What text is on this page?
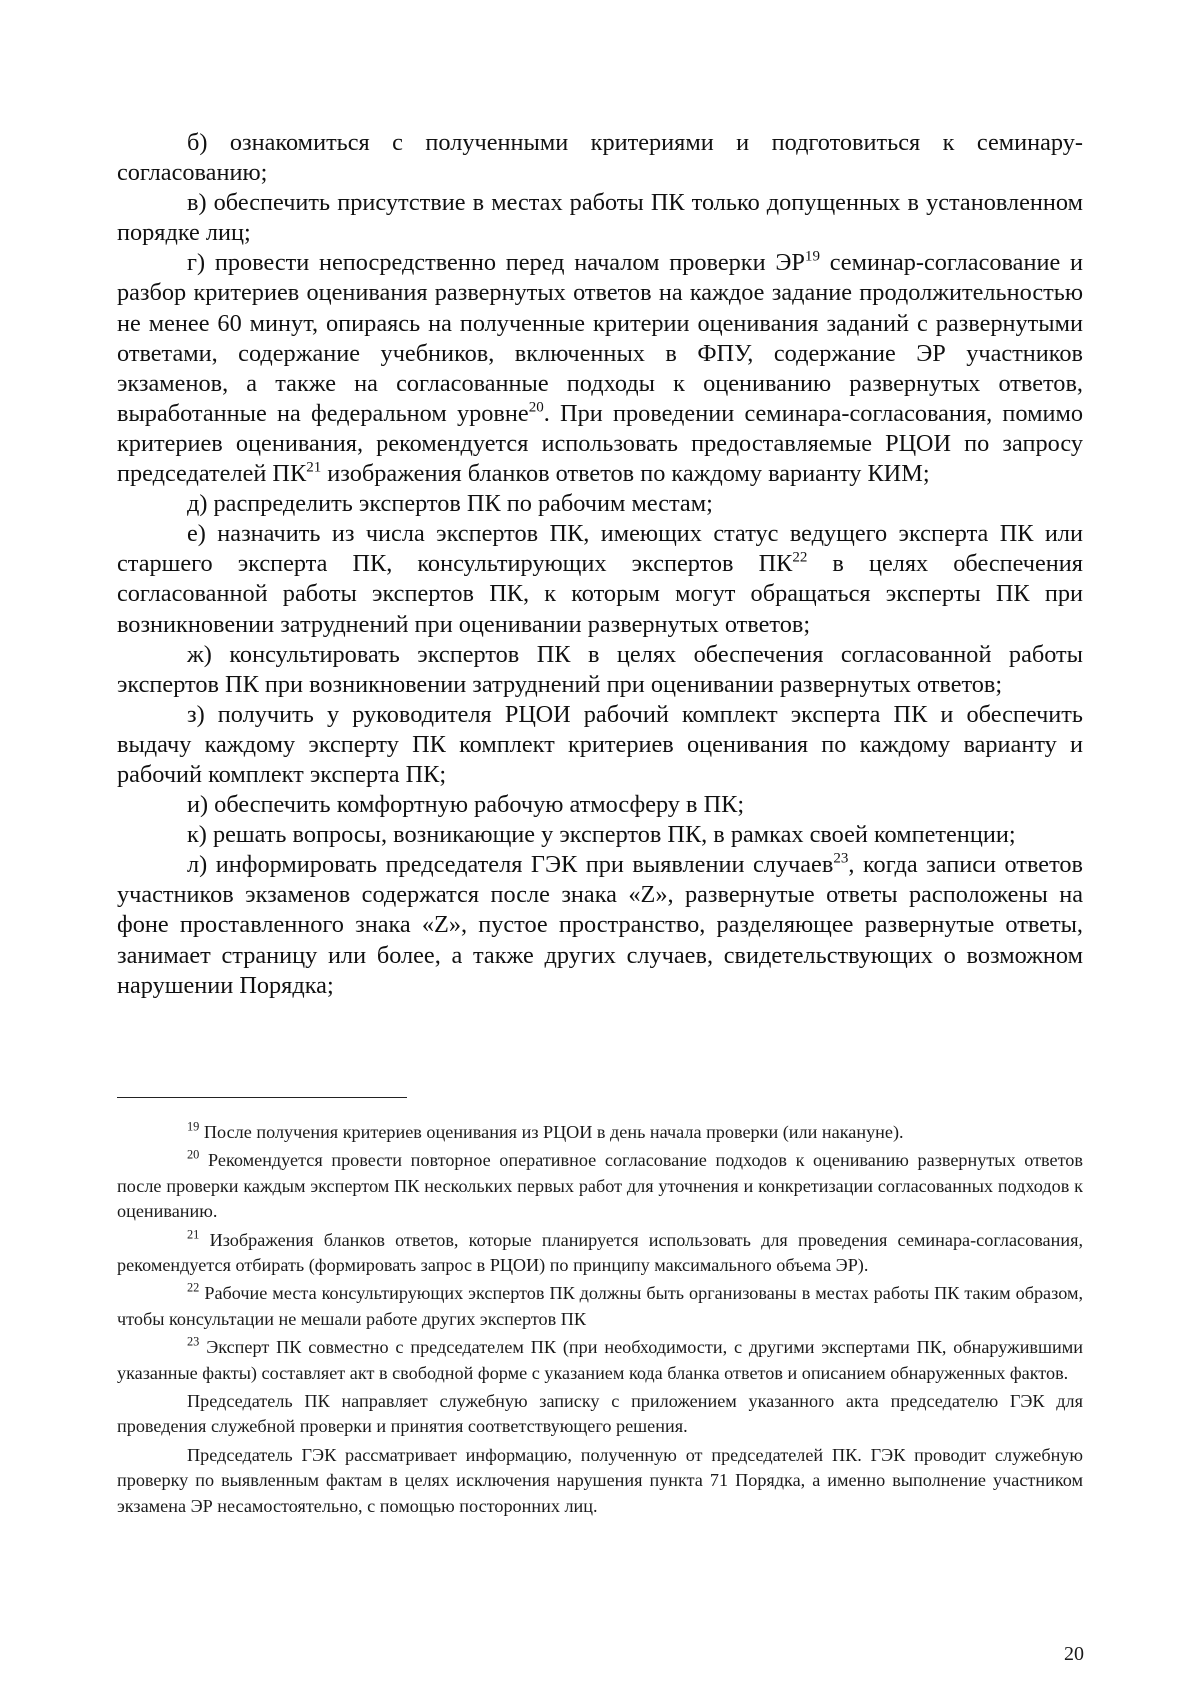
б) ознакомиться с полученными критериями и подготовиться к семинару-согласованию;

в) обеспечить присутствие в местах работы ПК только допущенных в установленном порядке лиц;

г) провести непосредственно перед началом проверки ЭР$^{19}$ семинар-согласование и разбор критериев оценивания развернутых ответов на каждое задание продолжительностью не менее 60 минут, опираясь на полученные критерии оценивания заданий с развернутыми ответами, содержание учебников, включенных в ФПУ, содержание ЭР участников экзаменов, а также на согласованные подходы к оцениванию развернутых ответов, выработанные на федеральном уровне$^{20}$. При проведении семинара-согласования, помимо критериев оценивания, рекомендуется использовать предоставляемые РЦОИ по запросу председателей ПК$^{21}$ изображения бланков ответов по каждому варианту КИМ;

д) распределить экспертов ПК по рабочим местам;

е) назначить из числа экспертов ПК, имеющих статус ведущего эксперта ПК или старшего эксперта ПК, консультирующих экспертов ПК$^{22}$ в целях обеспечения согласованной работы экспертов ПК, к которым могут обращаться эксперты ПК при возникновении затруднений при оценивании развернутых ответов;

ж) консультировать экспертов ПК в целях обеспечения согласованной работы экспертов ПК при возникновении затруднений при оценивании развернутых ответов;

з) получить у руководителя РЦОИ рабочий комплект эксперта ПК и обеспечить выдачу каждому эксперту ПК комплект критериев оценивания по каждому варианту и рабочий комплект эксперта ПК;

и) обеспечить комфортную рабочую атмосферу в ПК;

к) решать вопросы, возникающие у экспертов ПК, в рамках своей компетенции;

л) информировать председателя ГЭК при выявлении случаев$^{23}$, когда записи ответов участников экзаменов содержатся после знака «Z», развернутые ответы расположены на фоне проставленного знака «Z», пустое пространство, разделяющее развернутые ответы, занимает страницу или более, а также других случаев, свидетельствующих о возможном нарушении Порядка;

$^{19}$ После получения критериев оценивания из РЦОИ в день начала проверки (или накануне).

$^{20}$ Рекомендуется провести повторное оперативное согласование подходов к оцениванию развернутых ответов после проверки каждым экспертом ПК нескольких первых работ для уточнения и конкретизации согласованных подходов к оцениванию.

$^{21}$ Изображения бланков ответов, которые планируется использовать для проведения семинара-согласования, рекомендуется отбирать (формировать запрос в РЦОИ) по принципу максимального объема ЭР).

$^{22}$ Рабочие места консультирующих экспертов ПК должны быть организованы в местах работы ПК таким образом, чтобы консультации не мешали работе других экспертов ПК

$^{23}$ Эксперт ПК совместно с председателем ПК (при необходимости, с другими экспертами ПК, обнаружившими указанные факты) составляет акт в свободной форме с указанием кода бланка ответов и описанием обнаруженных фактов.

Председатель ПК направляет служебную записку с приложением указанного акта председателю ГЭК для проведения служебной проверки и принятия соответствующего решения.

Председатель ГЭК рассматривает информацию, полученную от председателей ПК. ГЭК проводит служебную проверку по выявленным фактам в целях исключения нарушения пункта 71 Порядка, а именно выполнение участником экзамена ЭР несамостоятельно, с помощью посторонних лиц.

20
